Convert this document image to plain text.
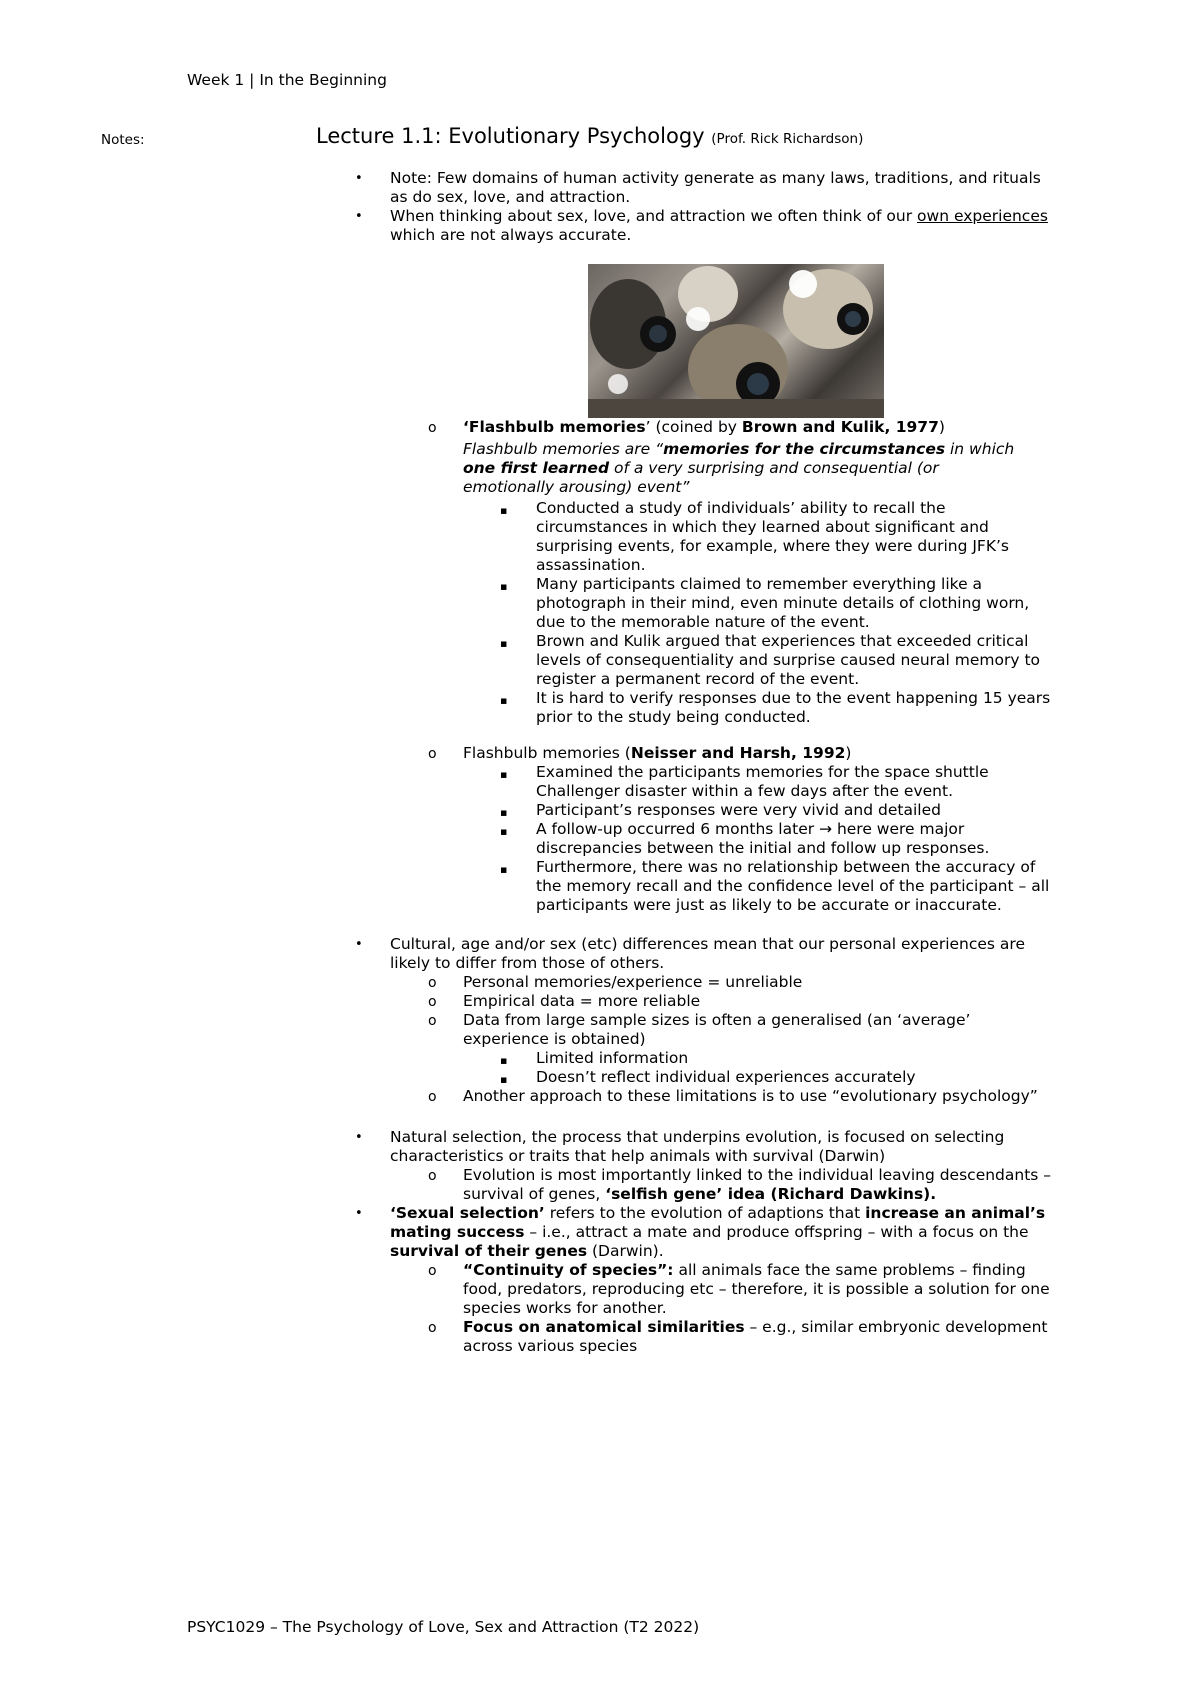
Week 1 | In the Beginning
Notes:	Lecture 1.1: Evolutionary Psychology (Prof. Rick Richardson)
• Note: Few domains of human activity generate as many laws, traditions, and rituals
as do sex, love, and attraction.
• When thinking about sex, love, and attraction we often think of our own experiences
which are not always accurate.
o ‘Flashbulb memories’ (coined by Brown and Kulik, 1977)
Flashbulb memories are “memories for the circumstances in which
one first learned of a very surprising and consequential (or
emotionally arousing) event”
▪ Conducted a study of individuals’ ability to recall the
circumstances in which they learned about significant and
surprising events, for example, where they were during JFK’s
assassination.
▪ Many participants claimed to remember everything like a
photograph in their mind, even minute details of clothing worn,
due to the memorable nature of the event.
▪ Brown and Kulik argued that experiences that exceeded critical
levels of consequentiality and surprise caused neural memory to
register a permanent record of the event.
▪ It is hard to verify responses due to the event happening 15 years
prior to the study being conducted.
o Flashbulb memories (Neisser and Harsh, 1992)
▪ Examined the participants memories for the space shuttle
Challenger disaster within a few days after the event.
▪ Participant’s responses were very vivid and detailed
▪ A follow-up occurred 6 months later → here were major
discrepancies between the initial and follow up responses.
▪ Furthermore, there was no relationship between the accuracy of
the memory recall and the confidence level of the participant – all
participants were just as likely to be accurate or inaccurate.
• Cultural, age and/or sex (etc) differences mean that our personal experiences are
likely to differ from those of others.
o Personal memories/experience = unreliable
o Empirical data = more reliable
o Data from large sample sizes is often a generalised (an ‘average’
experience is obtained)
▪ Limited information
▪ Doesn’t reflect individual experiences accurately
o Another approach to these limitations is to use “evolutionary psychology”
• Natural selection, the process that underpins evolution, is focused on selecting
characteristics or traits that help animals with survival (Darwin)
o Evolution is most importantly linked to the individual leaving descendants –
survival of genes, ‘selfish gene’ idea (Richard Dawkins).
• ‘Sexual selection’ refers to the evolution of adaptions that increase an animal’s
mating success – i.e., attract a mate and produce offspring – with a focus on the
survival of their genes (Darwin).
o “Continuity of species”: all animals face the same problems – finding
food, predators, reproducing etc – therefore, it is possible a solution for one
species works for another.
o Focus on anatomical similarities – e.g., similar embryonic development
across various species
PSYC1029 – The Psychology of Love, Sex and Attraction (T2 2022)
